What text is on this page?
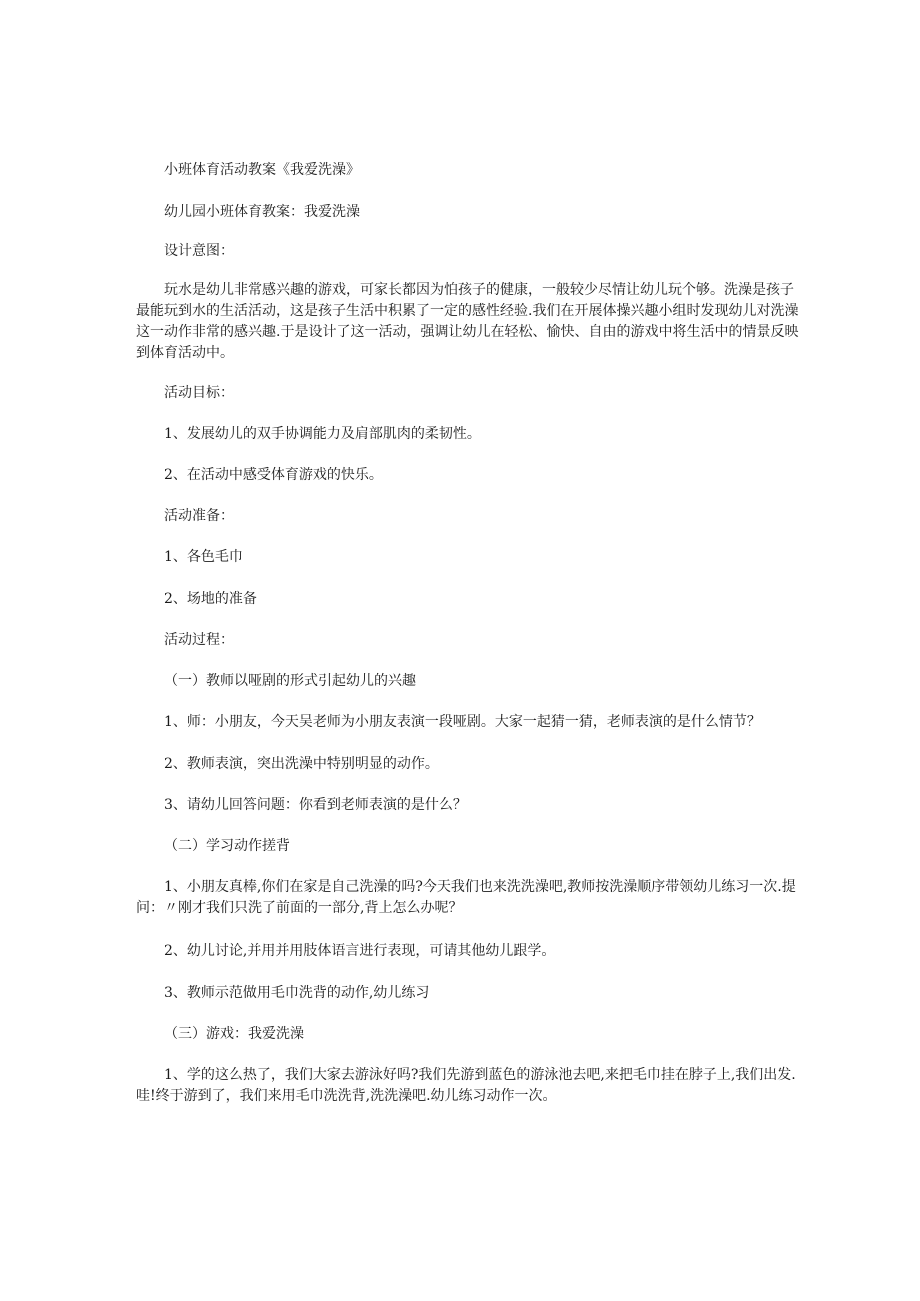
小班体育活动教案《我爱洗澡》

幼儿园小班体育教案：我爱洗澡

设计意图：

玩水是幼儿非常感兴趣的游戏，可家长都因为怕孩子的健康，一般较少尽情让幼儿玩个够。洗澡是孩子最能玩到水的生活活动，这是孩子生活中积累了一定的感性经验.我们在开展体操兴趣小组时发现幼儿对洗澡这一动作非常的感兴趣.于是设计了这一活动，强调让幼儿在轻松、愉快、自由的游戏中将生活中的情景反映到体育活动中。

活动目标：

1、发展幼儿的双手协调能力及肩部肌肉的柔韧性。

2、在活动中感受体育游戏的快乐。

活动准备：

1、各色毛巾

2、场地的准备

活动过程：

（一）教师以哑剧的形式引起幼儿的兴趣

1、师：小朋友，今天吴老师为小朋友表演一段哑剧。大家一起猜一猜，老师表演的是什么情节？

2、教师表演，突出洗澡中特别明显的动作。

3、请幼儿回答问题：你看到老师表演的是什么？

（二）学习动作搓背

1、小朋友真棒,你们在家是自己洗澡的吗?今天我们也来洗洗澡吧,教师按洗澡顺序带领幼儿练习一次.提问：〃刚才我们只洗了前面的一部分,背上怎么办呢？

2、幼儿讨论,并用并用肢体语言进行表现，可请其他幼儿跟学。

3、教师示范做用毛巾洗背的动作,幼儿练习

（三）游戏：我爱洗澡

1、学的这么热了，我们大家去游泳好吗?我们先游到蓝色的游泳池去吧,来把毛巾挂在脖子上,我们出发.哇!终于游到了，我们来用毛巾洗洗背,洗洗澡吧.幼儿练习动作一次。
